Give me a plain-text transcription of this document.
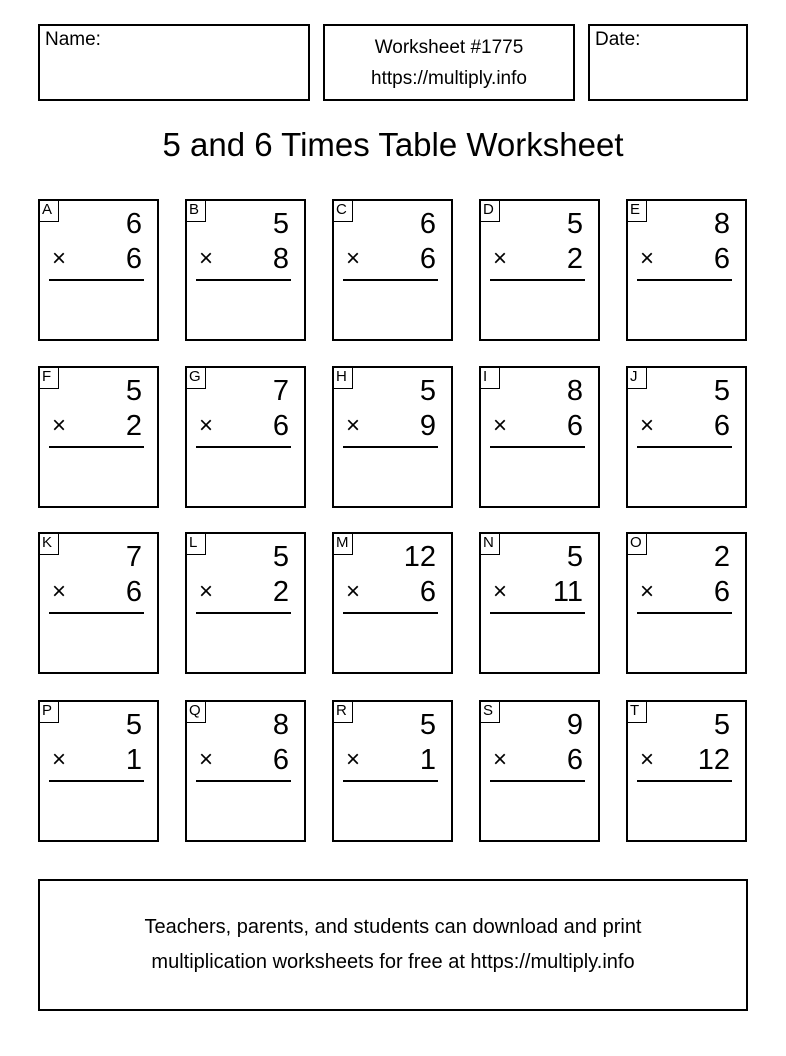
Name:	Worksheet #1775
https://multiply.info
Date:
5 and 6 Times Table Worksheet
A	6
× 6
B	5
× 8
C	6
× 6
D	5
× 2
E	8
× 6
F	5
× 2
G 7
× 6
H	5
× 9
I	8
× 6
J	5
× 6
K	7
× 6
L	5
× 2
M 12
× 6
N	5
× 11
O 2
× 6
P	5
× 1
Q 8
× 6
R	5
× 1
S	9
× 6
T	5
× 12
Teachers, parents, and students can download and print
multiplication worksheets for free at https://multiply.info
